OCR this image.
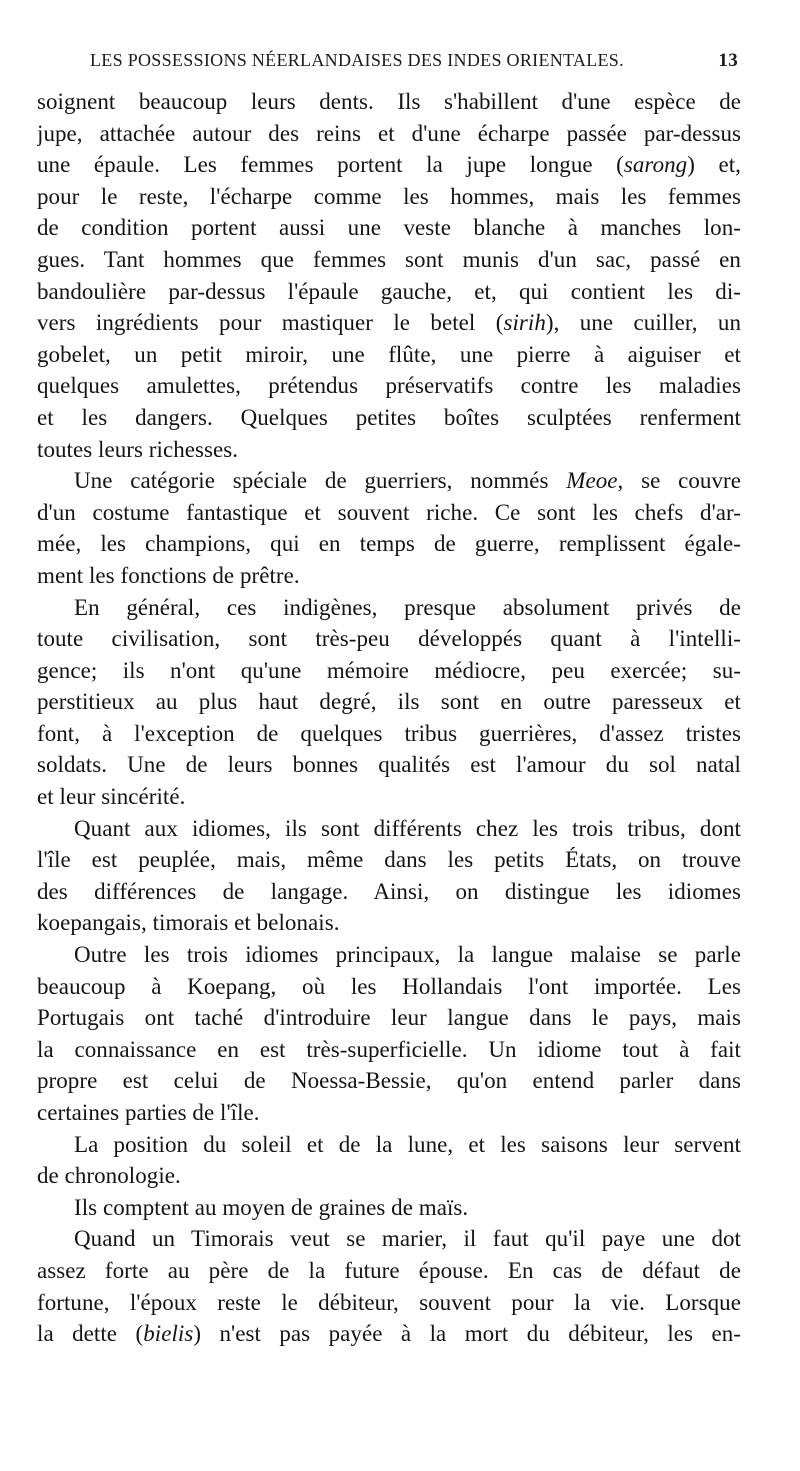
LES POSSESSIONS NÉERLANDAISES DES INDES ORIENTALES.	13
soignent beaucoup leurs dents. Ils s'habillent d'une espèce de
jupe, attachée autour des reins et d'une écharpe passée par-dessus
une épaule. Les femmes portent la jupe longue (sarong) et,
pour le reste, l'écharpe comme les hommes, mais les femmes
de condition portent aussi une veste blanche à manches lon-
gues. Tant hommes que femmes sont munis d'un sac, passé en
bandoulière par-dessus l'épaule gauche, et, qui contient les di-
vers ingrédients pour mastiquer le betel (sirih), une cuiller, un
gobelet, un petit miroir, une flûte, une pierre à aiguiser et
quelques amulettes, prétendus préservatifs contre les maladies
et les dangers. Quelques petites boîtes sculptées renferment
toutes leurs richesses.
Une catégorie spéciale de guerriers, nommés Meoe, se couvre
d'un costume fantastique et souvent riche. Ce sont les chefs d'ar-
mée, les champions, qui en temps de guerre, remplissent égale-
ment les fonctions de prêtre.
En général, ces indigènes, presque absolument privés de
toute civilisation, sont très-peu développés quant à l'intelli-
gence; ils n'ont qu'une mémoire médiocre, peu exercée; su-
perstitieux au plus haut degré, ils sont en outre paresseux et
font, à l'exception de quelques tribus guerrières, d'assez tristes
soldats. Une de leurs bonnes qualités est l'amour du sol natal
et leur sincérité.
Quant aux idiomes, ils sont différents chez les trois tribus, dont
l'île est peuplée, mais, même dans les petits États, on trouve
des différences de langage. Ainsi, on distingue les idiomes
koepangais, timorais et belonais.
Outre les trois idiomes principaux, la langue malaise se parle
beaucoup à Koepang, où les Hollandais l'ont importée. Les
Portugais ont taché d'introduire leur langue dans le pays, mais
la connaissance en est très-superficielle. Un idiome tout à fait
propre est celui de Noessa-Bessie, qu'on entend parler dans
certaines parties de l'île.
La position du soleil et de la lune, et les saisons leur servent
de chronologie.
Ils comptent au moyen de graines de maïs.
Quand un Timorais veut se marier, il faut qu'il paye une dot
assez forte au père de la future épouse. En cas de défaut de
fortune, l'époux reste le débiteur, souvent pour la vie. Lorsque
la dette (bielis) n'est pas payée à la mort du débiteur, les en-
